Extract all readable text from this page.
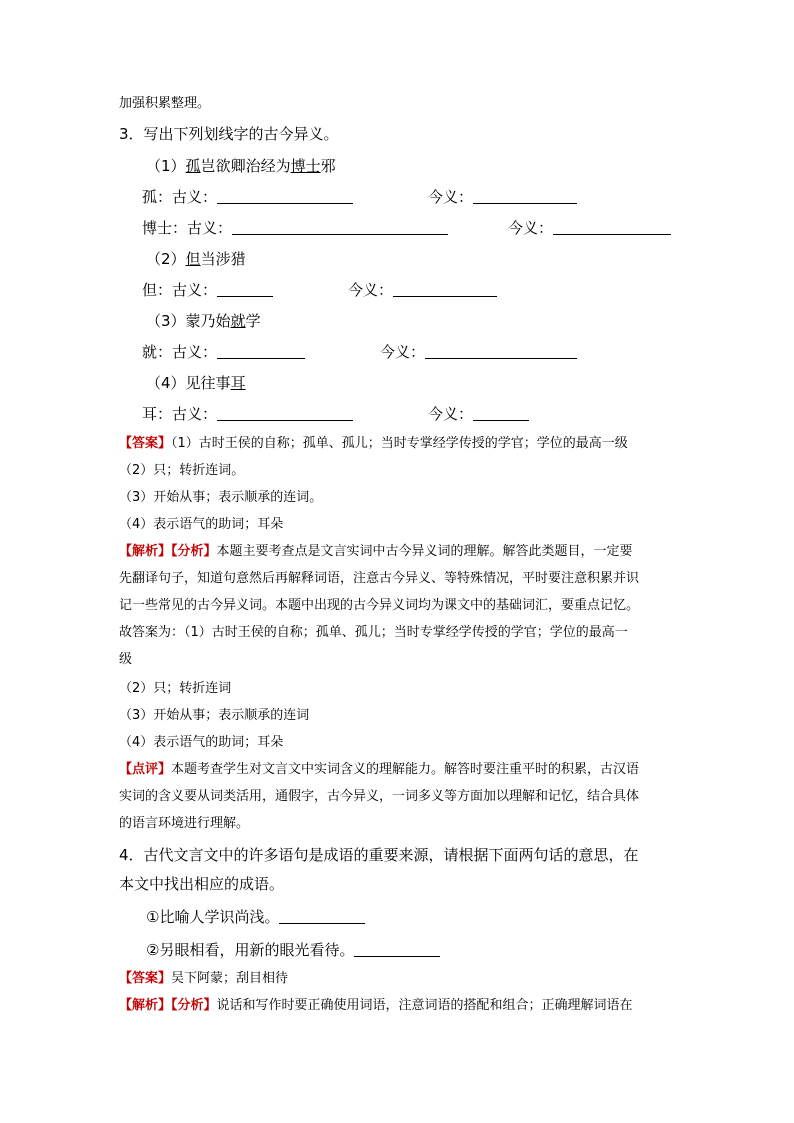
加强积累整理。
3．写出下列划线字的古今异义。
（1）孤岂欲卿治经为博士邪
孤：古义：	今义：
博士：古义：	今义：
（2）但当涉猎
但：古义：	今义：
（3）蒙乃始就学
就：古义：	今义：
（4）见往事耳
耳：古义：	今义：
【答案】（1）古时王侯的自称；孤单、孤儿；当时专掌经学传授的学官；学位的最高一级
（2）只；转折连词。
（3）开始从事；表示顺承的连词。
（4）表示语气的助词；耳朵
【解析】【分析】本题主要考查点是文言实词中古今异义词的理解。解答此类题目，一定要
先翻译句子，知道句意然后再解释词语，注意古今异义、等特殊情况，平时要注意积累并识
记一些常见的古今异义词。本题中出现的古今异义词均为课文中的基础词汇，要重点记忆。
故答案为：（1）古时王侯的自称；孤单、孤儿；当时专掌经学传授的学官；学位的最高一
级
（2）只；转折连词
（3）开始从事；表示顺承的连词
（4）表示语气的助词；耳朵
【点评】本题考查学生对文言文中实词含义的理解能力。解答时要注重平时的积累，古汉语
实词的含义要从词类活用，通假字，古今异义，一词多义等方面加以理解和记忆，结合具体
的语言环境进行理解。
4．古代文言文中的许多语句是成语的重要来源，请根据下面两句话的意思，在
本文中找出相应的成语。
①比喻人学识尚浅。
②另眼相看，用新的眼光看待。
【答案】吴下阿蒙；刮目相待
【解析】【分析】说话和写作时要正确使用词语，注意词语的搭配和组合；正确理解词语在
